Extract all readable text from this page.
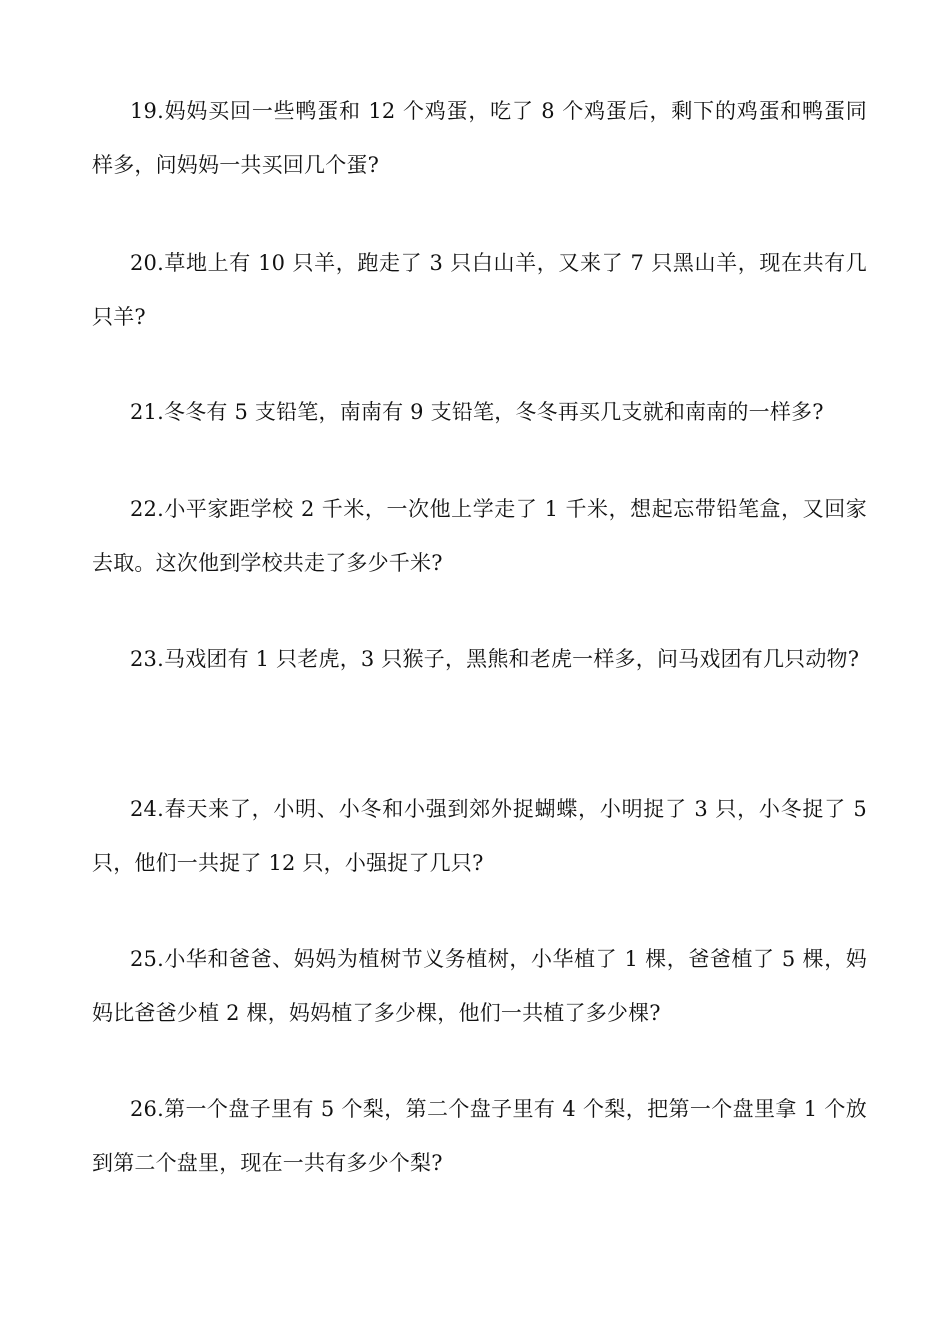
19.妈妈买回一些鸭蛋和 12 个鸡蛋，吃了 8 个鸡蛋后，剩下的鸡蛋和鸭蛋同样多，问妈妈一共买回几个蛋?

20.草地上有 10 只羊，跑走了 3 只白山羊，又来了 7 只黑山羊，现在共有几只羊?

21.冬冬有 5 支铅笔，南南有 9 支铅笔，冬冬再买几支就和南南的一样多?

22.小平家距学校 2 千米，一次他上学走了 1 千米，想起忘带铅笔盒，又回家去取。这次他到学校共走了多少千米?

23.马戏团有 1 只老虎，3 只猴子，黑熊和老虎一样多，问马戏团有几只动物?

24.春天来了，小明、小冬和小强到郊外捉蝴蝶，小明捉了 3 只，小冬捉了 5 只，他们一共捉了 12 只，小强捉了几只?

25.小华和爸爸、妈妈为植树节义务植树，小华植了 1 棵，爸爸植了 5 棵，妈妈比爸爸少植 2 棵，妈妈植了多少棵，他们一共植了多少棵?

26.第一个盘子里有 5 个梨，第二个盘子里有 4 个梨，把第一个盘里拿 1 个放到第二个盘里，现在一共有多少个梨?
